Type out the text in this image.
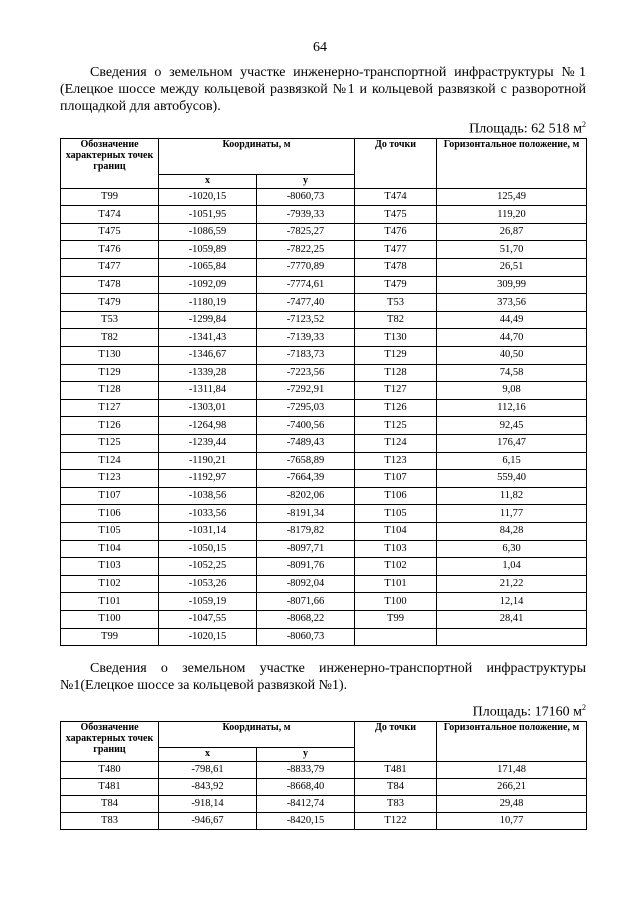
64

Сведения о земельном участке инженерно-транспортной инфраструктуры №1 (Елецкое шоссе между кольцевой развязкой №1 и кольцевой развязкой с разворотной площадкой для автобусов).

Площадь: 62 518 $м^2$
Обозначение характерных точек границ	Координаты, м		До точки	Горизонтальное положение, м
	х	у		
Т99	-1020,15	-8060,73	Т474	125,49
Т474	-1051,95	-7939,33	Т475	119,20
Т475	-1086,59	-7825,27	Т476	26,87
Т476	-1059,89	-7822,25	Т477	51,70
Т477	-1065,84	-7770,89	Т478	26,51
Т478	-1092,09	-7774,61	Т479	309,99
Т479	-1180,19	-7477,40	Т53	373,56
Т53	-1299,84	-7123,52	Т82	44,49
Т82	-1341,43	-7139,33	Т130	44,70
Т130	-1346,67	-7183,73	Т129	40,50
Т129	-1339,28	-7223,56	Т128	74,58
Т128	-1311,84	-7292,91	Т127	9,08
Т127	-1303,01	-7295,03	Т126	112,16
Т126	-1264,98	-7400,56	Т125	92,45
Т125	-1239,44	-7489,43	Т124	176,47
Т124	-1190,21	-7658,89	Т123	6,15
Т123	-1192,97	-7664,39	Т107	559,40
Т107	-1038,56	-8202,06	Т106	11,82
Т106	-1033,56	-8191,34	Т105	11,77
Т105	-1031,14	-8179,82	Т104	84,28
Т104	-1050,15	-8097,71	Т103	6,30
Т103	-1052,25	-8091,76	Т102	1,04
Т102	-1053,26	-8092,04	Т101	21,22
Т101	-1059,19	-8071,66	Т100	12,14
Т100	-1047,55	-8068,22	Т99	28,41
Т99	-1020,15	-8060,73		

Сведения о земельном участке инженерно-транспортной инфраструктуры №1(Елецкое шоссе за кольцевой развязкой №1).

Площадь: 17160 $м^2$
Обозначение характерных точек границ	Координаты, м		До точки	Горизонтальное положение, м
	х	у		
Т480	-798,61	-8833,79	Т481	171,48
Т481	-843,92	-8668,40	Т84	266,21
Т84	-918,14	-8412,74	Т83	29,48
Т83	-946,67	-8420,15	Т122	10,77
